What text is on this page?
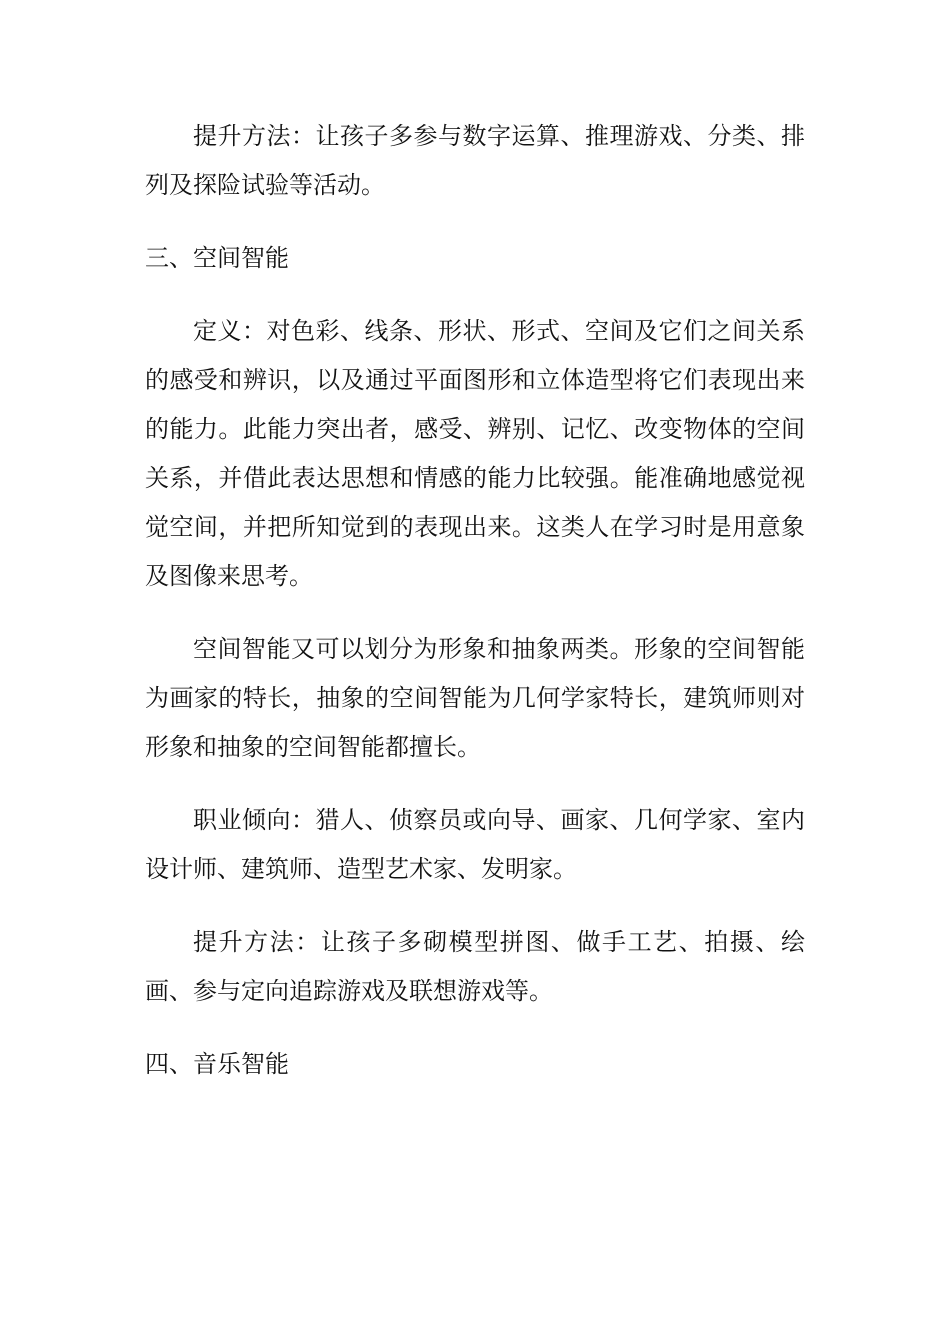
提升方法：让孩子多参与数字运算、推理游戏、分类、排列及探险试验等活动。

三、空间智能

定义：对色彩、线条、形状、形式、空间及它们之间关系的感受和辨识，以及通过平面图形和立体造型将它们表现出来的能力。此能力突出者，感受、辨别、记忆、改变物体的空间关系，并借此表达思想和情感的能力比较强。能准确地感觉视觉空间，并把所知觉到的表现出来。这类人在学习时是用意象及图像来思考。

空间智能又可以划分为形象和抽象两类。形象的空间智能为画家的特长，抽象的空间智能为几何学家特长，建筑师则对形象和抽象的空间智能都擅长。

职业倾向：猎人、侦察员或向导、画家、几何学家、室内设计师、建筑师、造型艺术家、发明家。

提升方法：让孩子多砌模型拼图、做手工艺、拍摄、绘画、参与定向追踪游戏及联想游戏等。

四、音乐智能
